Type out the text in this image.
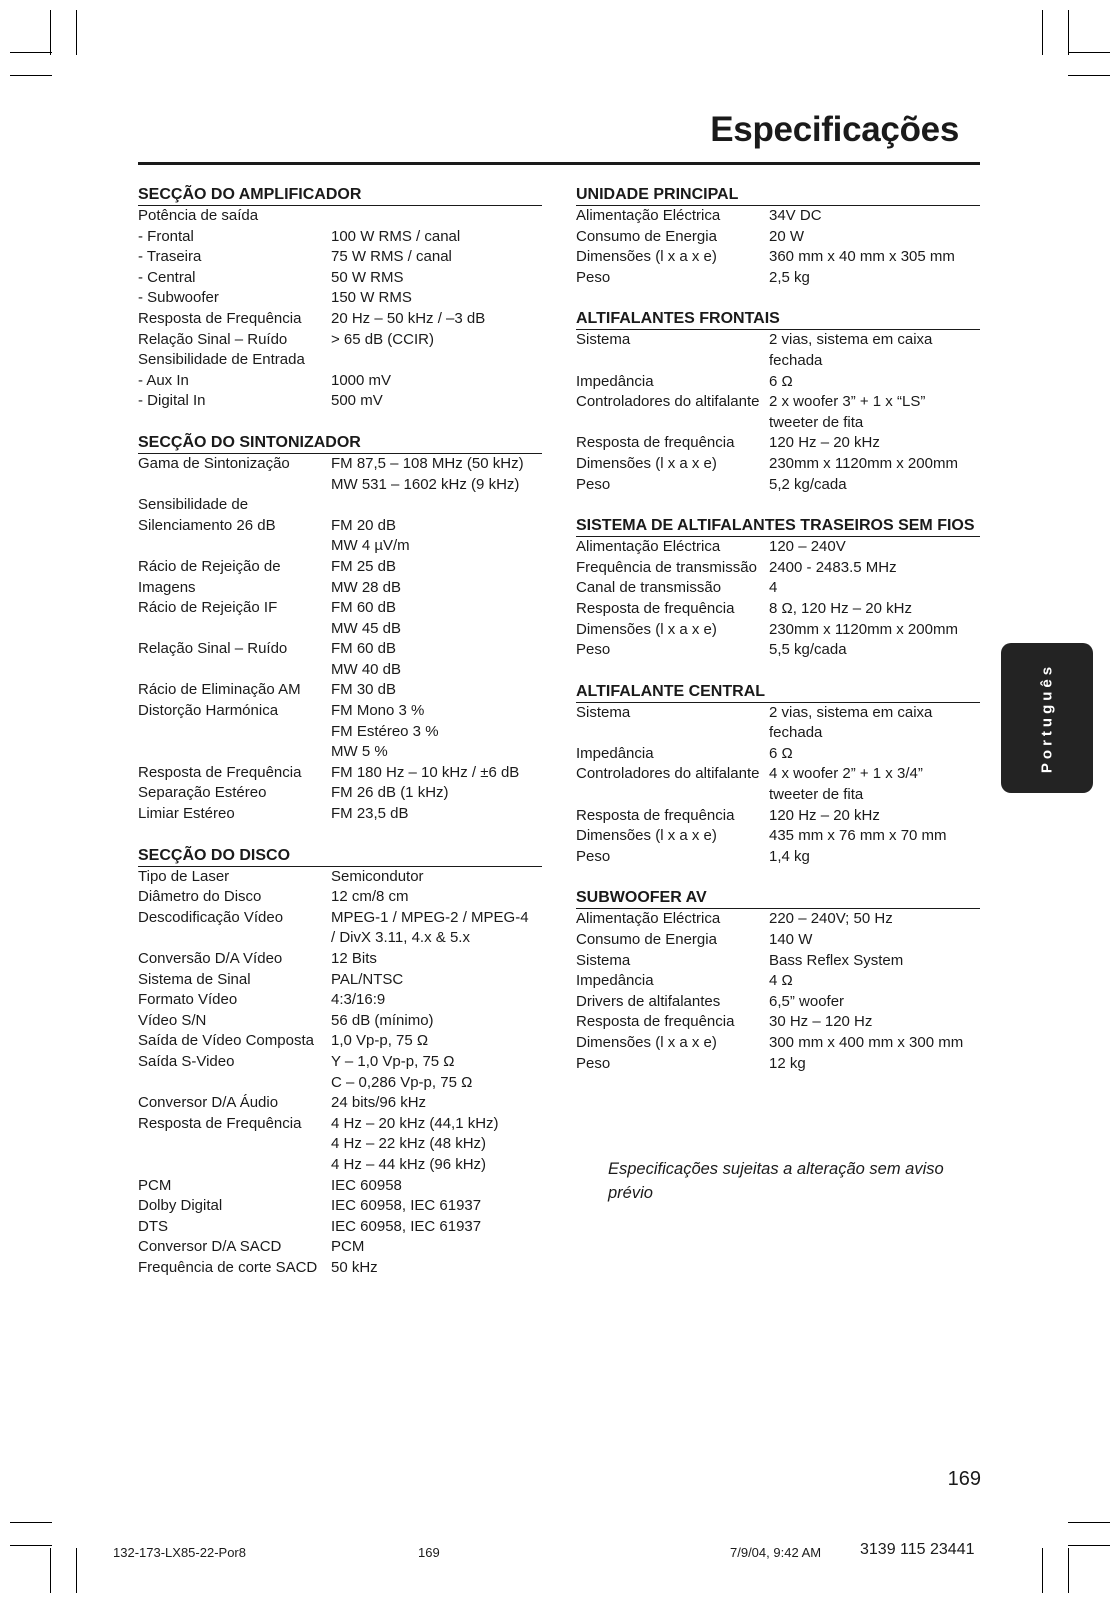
Especificações
SECÇÃO DO AMPLIFICADOR
Potência de saída
- Frontal	100 W RMS / canal
- Traseira	75 W RMS / canal
- Central	50 W RMS
- Subwoofer	150 W RMS
Resposta de Frequência	20 Hz – 50 kHz / –3 dB
Relação Sinal – Ruído	> 65 dB (CCIR)
Sensibilidade de Entrada
- Aux In	1000 mV
- Digital In	500 mV
SECÇÃO DO SINTONIZADOR
Gama de Sintonização	FM 87,5 – 108 MHz (50 kHz)
MW 531 – 1602 kHz (9 kHz)
Sensibilidade de
Silenciamento 26 dB	FM 20 dB
MW 4 µV/m
Rácio de Rejeição de	FM 25 dB
Imagens	MW 28 dB
Rácio de Rejeição IF	FM 60 dB
MW 45 dB
Relação Sinal – Ruído	FM 60 dB
MW 40 dB
Rácio de Eliminação AM	FM 30 dB
Distorção Harmónica	FM Mono 3 %
FM Estéreo 3 %
MW 5 %
Resposta de Frequência	FM 180 Hz – 10 kHz / ±6 dB
Separação Estéreo	FM 26 dB (1 kHz)
Limiar Estéreo	FM 23,5 dB
SECÇÃO DO DISCO
Tipo de Laser	Semicondutor
Diâmetro do Disco	12 cm/8 cm
Descodificação Vídeo	MPEG-1 / MPEG-2 / MPEG-4
/ DivX 3.11, 4.x & 5.x
Conversão D/A Vídeo	12 Bits
Sistema de Sinal	PAL/NTSC
Formato Vídeo	4:3/16:9
Vídeo S/N	56 dB (mínimo)
Saída de Vídeo Composta	1,0 Vp-p, 75 Ω
Saída S-Video	Y – 1,0 Vp-p, 75 Ω
C – 0,286 Vp-p, 75 Ω
Conversor D/A Áudio	24 bits/96 kHz
Resposta de Frequência	4 Hz – 20 kHz (44,1 kHz)
4 Hz – 22 kHz (48 kHz)
4 Hz – 44 kHz (96 kHz)
PCM	IEC 60958
Dolby Digital	IEC 60958, IEC 61937
DTS	IEC 60958, IEC 61937
Conversor D/A SACD	PCM
Frequência de corte SACD 50 kHz
UNIDADE PRINCIPAL
Alimentação Eléctrica	34V DC
Consumo de Energia	20 W
Dimensões (l x a x e)	360 mm x 40 mm x 305 mm
Peso	2,5 kg
ALTIFALANTES FRONTAIS
Sistema	2 vias, sistema em caixa
fechada
Impedância	6 Ω
Controladores do altifalante 2 x woofer 3” + 1 x “LS”
tweeter de fita
Resposta de frequência	120 Hz – 20 kHz
Dimensões (l x a x e)	230mm x 1120mm x 200mm
Peso	5,2 kg/cada
SISTEMA DE ALTIFALANTES TRASEIROS SEM FIOS
Alimentação Eléctrica	120 – 240V
Frequência de transmissão 2400 - 2483.5 MHz
Canal de transmissão	4
Resposta de frequência	8 Ω, 120 Hz – 20 kHz
Dimensões (l x a x e)	230mm x 1120mm x 200mm
Peso	5,5 kg/cada
ALTIFALANTE CENTRAL
Sistema	2 vias, sistema em caixa
fechada
Impedância	6 Ω
Controladores do altifalante 4 x woofer 2” + 1 x 3/4”
tweeter de fita
Resposta de frequência	120 Hz – 20 kHz
Dimensões (l x a x e)	435 mm x 76 mm x 70 mm
Peso	1,4 kg
SUBWOOFER AV
Alimentação Eléctrica	220 – 240V; 50 Hz
Consumo de Energia	140 W
Sistema	Bass Reflex System
Impedância	4 Ω
Drivers de altifalantes	6,5” woofer
Resposta de frequência	30 Hz – 120 Hz
Dimensões (l x a x e)	300 mm x 400 mm x 300 mm
Peso	12 kg
Especificações sujeitas a alteração sem aviso prévio
Português
169
132-173-LX85-22-Por8	169	7/9/04, 9:42 AM 3139 115 23441
